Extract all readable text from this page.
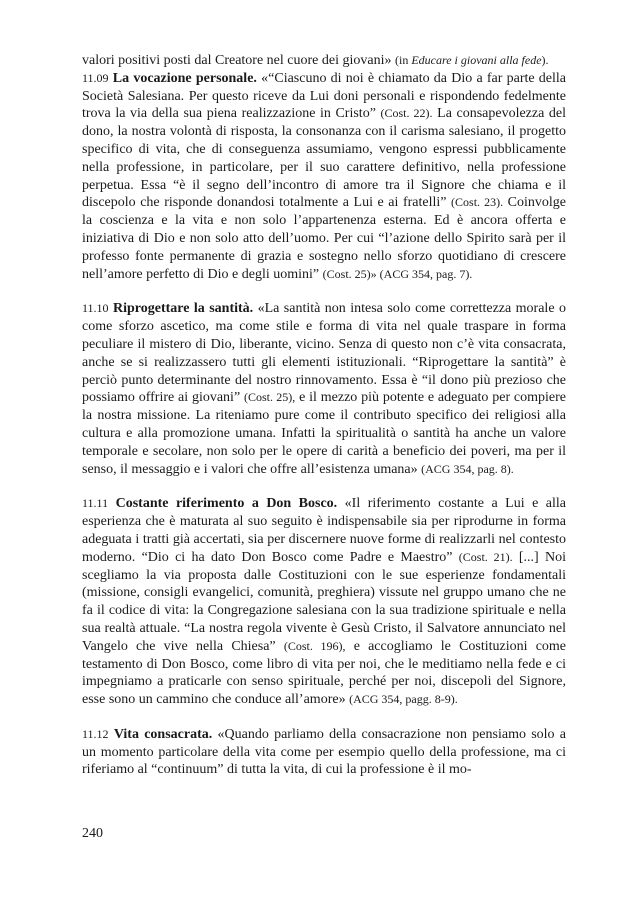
valori positivi posti dal Creatore nel cuore dei giovani» (in Educare i giovani alla fede).

11.09 La vocazione personale. «“Ciascuno di noi è chiamato da Dio a far parte della Società Salesiana. Per questo riceve da Lui doni personali e rispondendo fedelmente trova la via della sua piena realizzazione in Cristo” (Cost. 22). La consapevolezza del dono, la nostra volontà di risposta, la consonanza con il carisma salesiano, il progetto specifico di vita, che di conseguenza assumiamo, vengono espressi pubblicamente nella professione, in particolare, per il suo carattere definitivo, nella professione perpetua. Essa “è il segno dell’incontro di amore tra il Signore che chiama e il discepolo che risponde donandosi totalmente a Lui e ai fratelli” (Cost. 23). Coinvolge la coscienza e la vita e non solo l’appartenenza esterna. Ed è ancora offerta e iniziativa di Dio e non solo atto dell’uomo. Per cui “l’azione dello Spirito sarà per il professo fonte permanente di grazia e sostegno nello sforzo quotidiano di crescere nell’amore perfetto di Dio e degli uomini” (Cost. 25)» (ACG 354, pag. 7).

11.10 Riprogettare la santità. «La santità non intesa solo come correttezza morale o come sforzo ascetico, ma come stile e forma di vita nel quale traspare in forma peculiare il mistero di Dio, liberante, vicino. Senza di questo non c’è vita consacrata, anche se si realizzassero tutti gli elementi istituzionali. “Riprogettare la santità” è perciò punto determinante del nostro rinnovamento. Essa è “il dono più prezioso che possiamo offrire ai giovani” (Cost. 25), e il mezzo più potente e adeguato per compiere la nostra missione. La riteniamo pure come il contributo specifico dei religiosi alla cultura e alla promozione umana. Infatti la spiritualità o santità ha anche un valore temporale e secolare, non solo per le opere di carità a beneficio dei poveri, ma per il senso, il messaggio e i valori che offre all’esistenza umana» (ACG 354, pag. 8).

11.11 Costante riferimento a Don Bosco. «Il riferimento costante a Lui e alla esperienza che è maturata al suo seguito è indispensabile sia per riprodurne in forma adeguata i tratti già accertati, sia per discernere nuove forme di realizzarli nel contesto moderno. “Dio ci ha dato Don Bosco come Padre e Maestro” (Cost. 21). [...] Noi scegliamo la via proposta dalle Costituzioni con le sue esperienze fondamentali (missione, consigli evangelici, comunità, preghiera) vissute nel gruppo umano che ne fa il codice di vita: la Congregazione salesiana con la sua tradizione spirituale e nella sua realtà attuale. “La nostra regola vivente è Gesù Cristo, il Salvatore annunciato nel Vangelo che vive nella Chiesa” (Cost. 196), e accogliamo le Costituzioni come testamento di Don Bosco, come libro di vita per noi, che le meditiamo nella fede e ci impegniamo a praticarle con senso spirituale, perché per noi, discepoli del Signore, esse sono un cammino che conduce all’amore» (ACG 354, pagg. 8-9).

11.12 Vita consacrata. «Quando parliamo della consacrazione non pensiamo solo a un momento particolare della vita come per esempio quello della professione, ma ci riferiamo al “continuum” di tutta la vita, di cui la professione è il mo-

240
